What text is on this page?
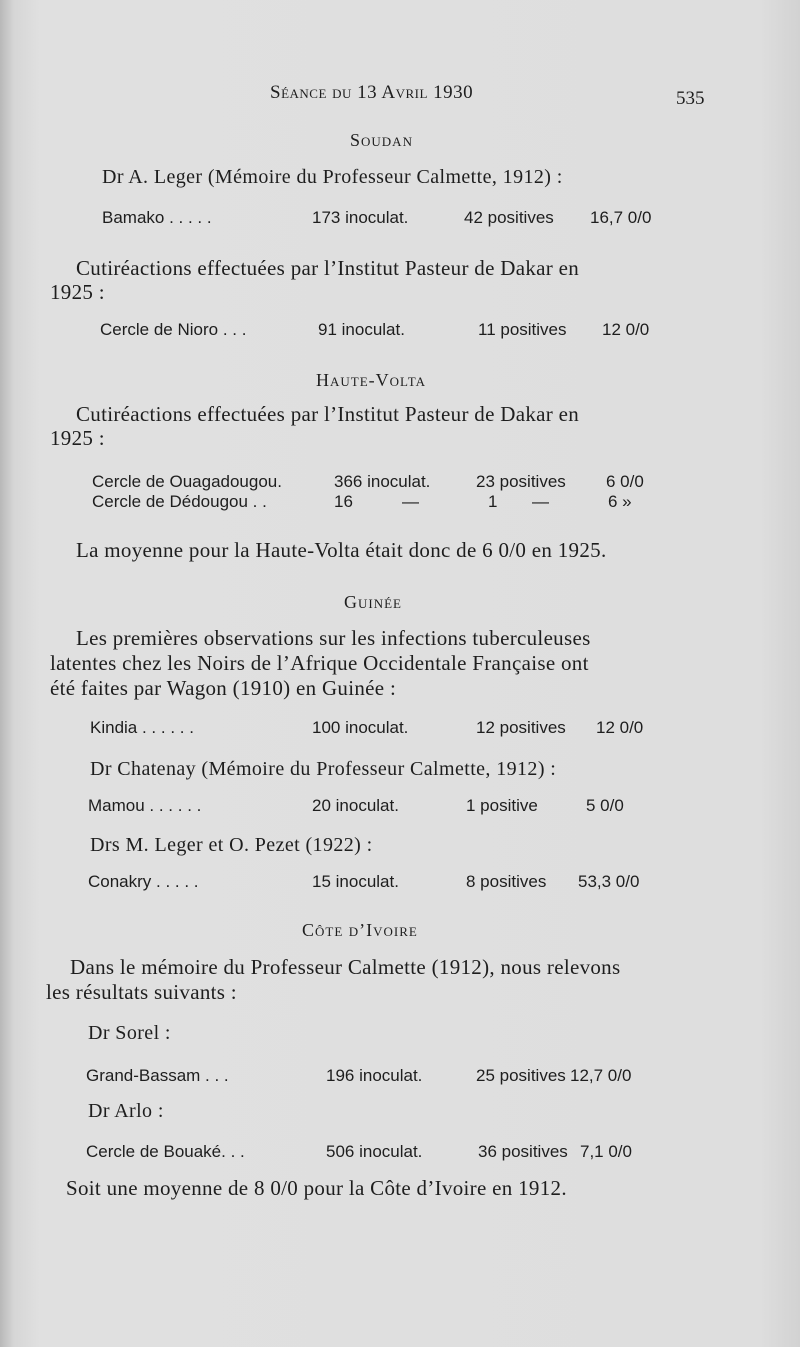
Séance du 13 Avril 1930	535
Soudan
Dr A. Leger (Mémoire du Professeur Calmette, 1912) :
Bamako . . . . .	173 inoculat.	42 positives 16,7 0/0
Cutiréactions effectuées par l’Institut Pasteur de Dakar en
1925 :
Cercle de Nioro . . .	91 inoculat.	11 positives 12 0/0
Haute-Volta
Cutiréactions effectuées par l’Institut Pasteur de Dakar en
1925 :
Cercle de Ouagadougou.	366 inoculat.	23 positives 6 0/0
Cercle de Dédougou . .	16	—	1 —	6 »
La moyenne pour la Haute-Volta était donc de 6 0/0 en 1925.
Guinée
Les premières observations sur les infections tuberculeuses
latentes chez les Noirs de l’Afrique Occidentale Française ont
été faites par Wagon (1910) en Guinée :
Kindia . . . . . .	100 inoculat.	12 positives 12 0/0
Dr Chatenay (Mémoire du Professeur Calmette, 1912) :
Mamou . . . . . .	20 inoculat.	1 positive	5 0/0
Drs M. Leger et O. Pezet (1922) :
Conakry . . . . .	15 inoculat.	8 positives 53,3 0/0
Côte d’Ivoire
Dans le mémoire du Professeur Calmette (1912), nous relevons
les résultats suivants :
Dr Sorel :
Grand-Bassam . . .	196 inoculat.	25 positives 12,7 0/0
Dr Arlo :
Cercle de Bouaké. . .	506 inoculat.	36 positives 7,1 0/0
Soit une moyenne de 8 0/0 pour la Côte d’Ivoire en 1912.
